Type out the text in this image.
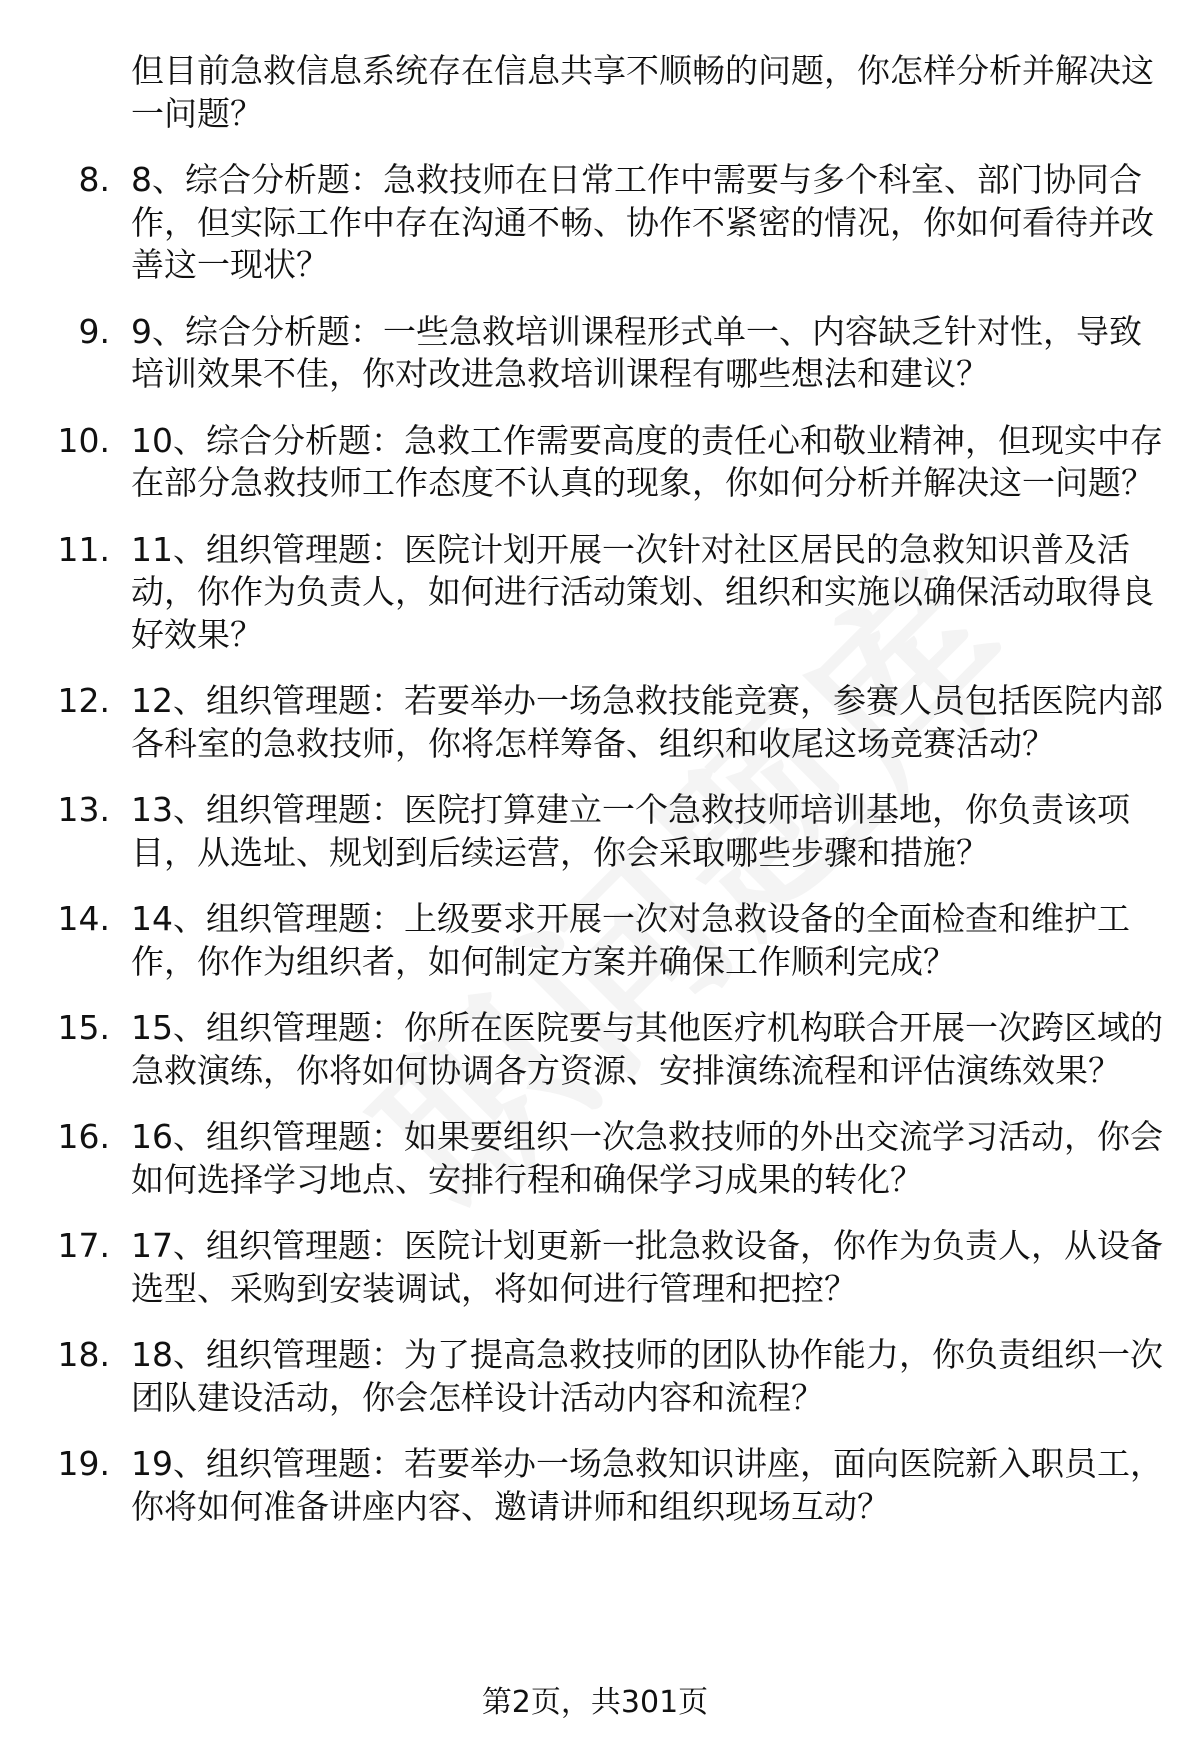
但目前急救信息系统存在信息共享不顺畅的问题，你怎样分析并解决这一问题？
8. 8、综合分析题：急救技师在日常工作中需要与多个科室、部门协同合作，但实际工作中存在沟通不畅、协作不紧密的情况，你如何看待并改善这一现状？
9. 9、综合分析题：一些急救培训课程形式单一、内容缺乏针对性，导致培训效果不佳，你对改进急救培训课程有哪些想法和建议？
10. 10、综合分析题：急救工作需要高度的责任心和敬业精神，但现实中存在部分急救技师工作态度不认真的现象，你如何分析并解决这一问题？
11. 11、组织管理题：医院计划开展一次针对社区居民的急救知识普及活动，你作为负责人，如何进行活动策划、组织和实施以确保活动取得良好效果？
12. 12、组织管理题：若要举办一场急救技能竞赛，参赛人员包括医院内部各科室的急救技师，你将怎样筹备、组织和收尾这场竞赛活动？
13. 13、组织管理题：医院打算建立一个急救技师培训基地，你负责该项目，从选址、规划到后续运营，你会采取哪些步骤和措施？
14. 14、组织管理题：上级要求开展一次对急救设备的全面检查和维护工作，你作为组织者，如何制定方案并确保工作顺利完成？
15. 15、组织管理题：你所在医院要与其他医疗机构联合开展一次跨区域的急救演练，你将如何协调各方资源、安排演练流程和评估演练效果？
16. 16、组织管理题：如果要组织一次急救技师的外出交流学习活动，你会如何选择学习地点、安排行程和确保学习成果的转化？
17. 17、组织管理题：医院计划更新一批急救设备，你作为负责人，从设备选型、采购到安装调试，将如何进行管理和把控？
18. 18、组织管理题：为了提高急救技师的团队协作能力，你负责组织一次团队建设活动，你会怎样设计活动内容和流程？
19. 19、组织管理题：若要举办一场急救知识讲座，面向医院新入职员工，你将如何准备讲座内容、邀请讲师和组织现场互动？
第2页，共301页
